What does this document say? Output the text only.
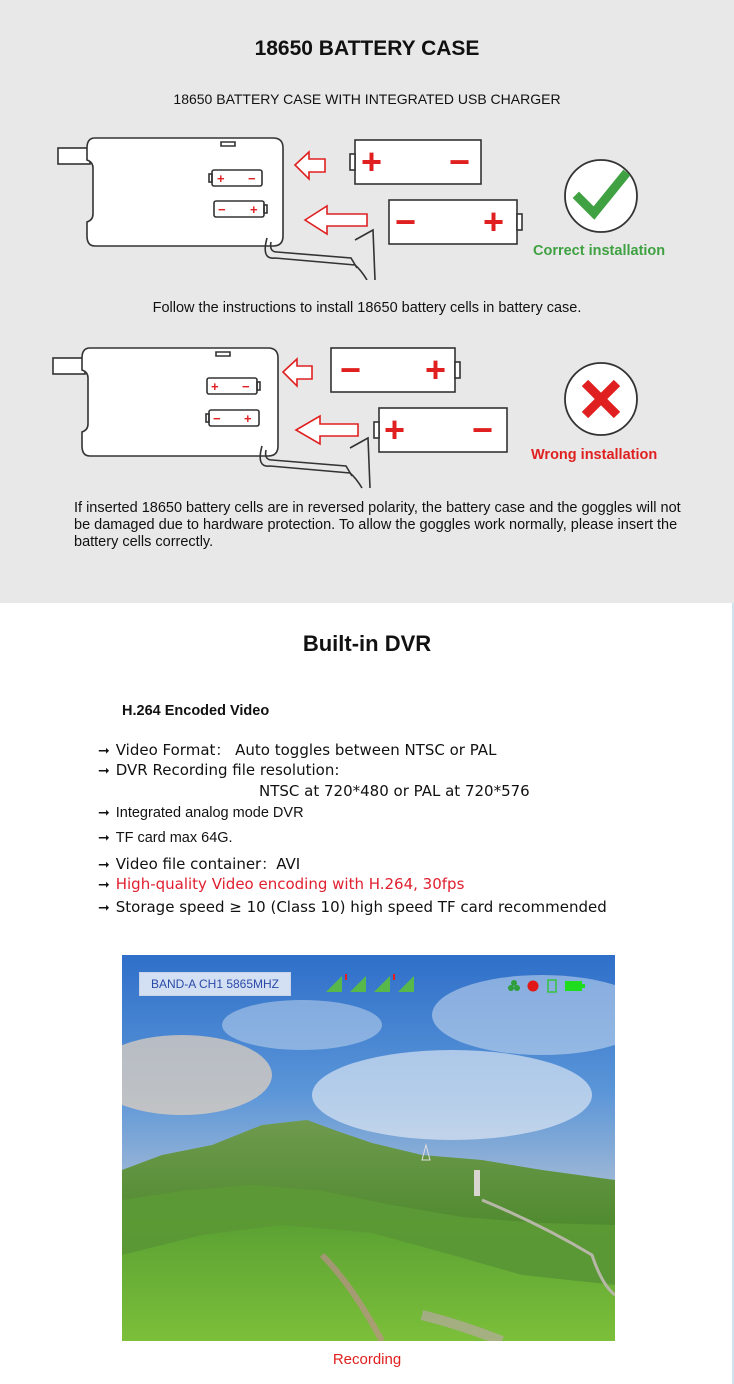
18650 BATTERY CASE
18650 BATTERY CASE WITH INTEGRATED USB CHARGER
+ −
− +
+ −
− +
Correct installation
Follow the instructions to install 18650 battery cells in battery case.
+ −
− +
− +
+ −
Wrong installation
If inserted 18650 battery cells are in reversed polarity, the battery case and the goggles will not be damaged due to hardware protection. To allow the goggles work normally, please insert the battery cells correctly.
Built-in DVR
H.264 Encoded Video
➞ Video Format： Auto toggles between NTSC or PAL
➞ DVR Recording file resolution:
NTSC at 720*480 or PAL at 720*576
➞ Integrated analog mode DVR
➞ TF card max 64G.
➞ Video file container：AVI
➞ High-quality Video encoding with H.264, 30fps
➞ Storage speed ≥ 10 (Class 10) high speed TF card recommended
BAND-A CH1 5865MHZ
Recording
